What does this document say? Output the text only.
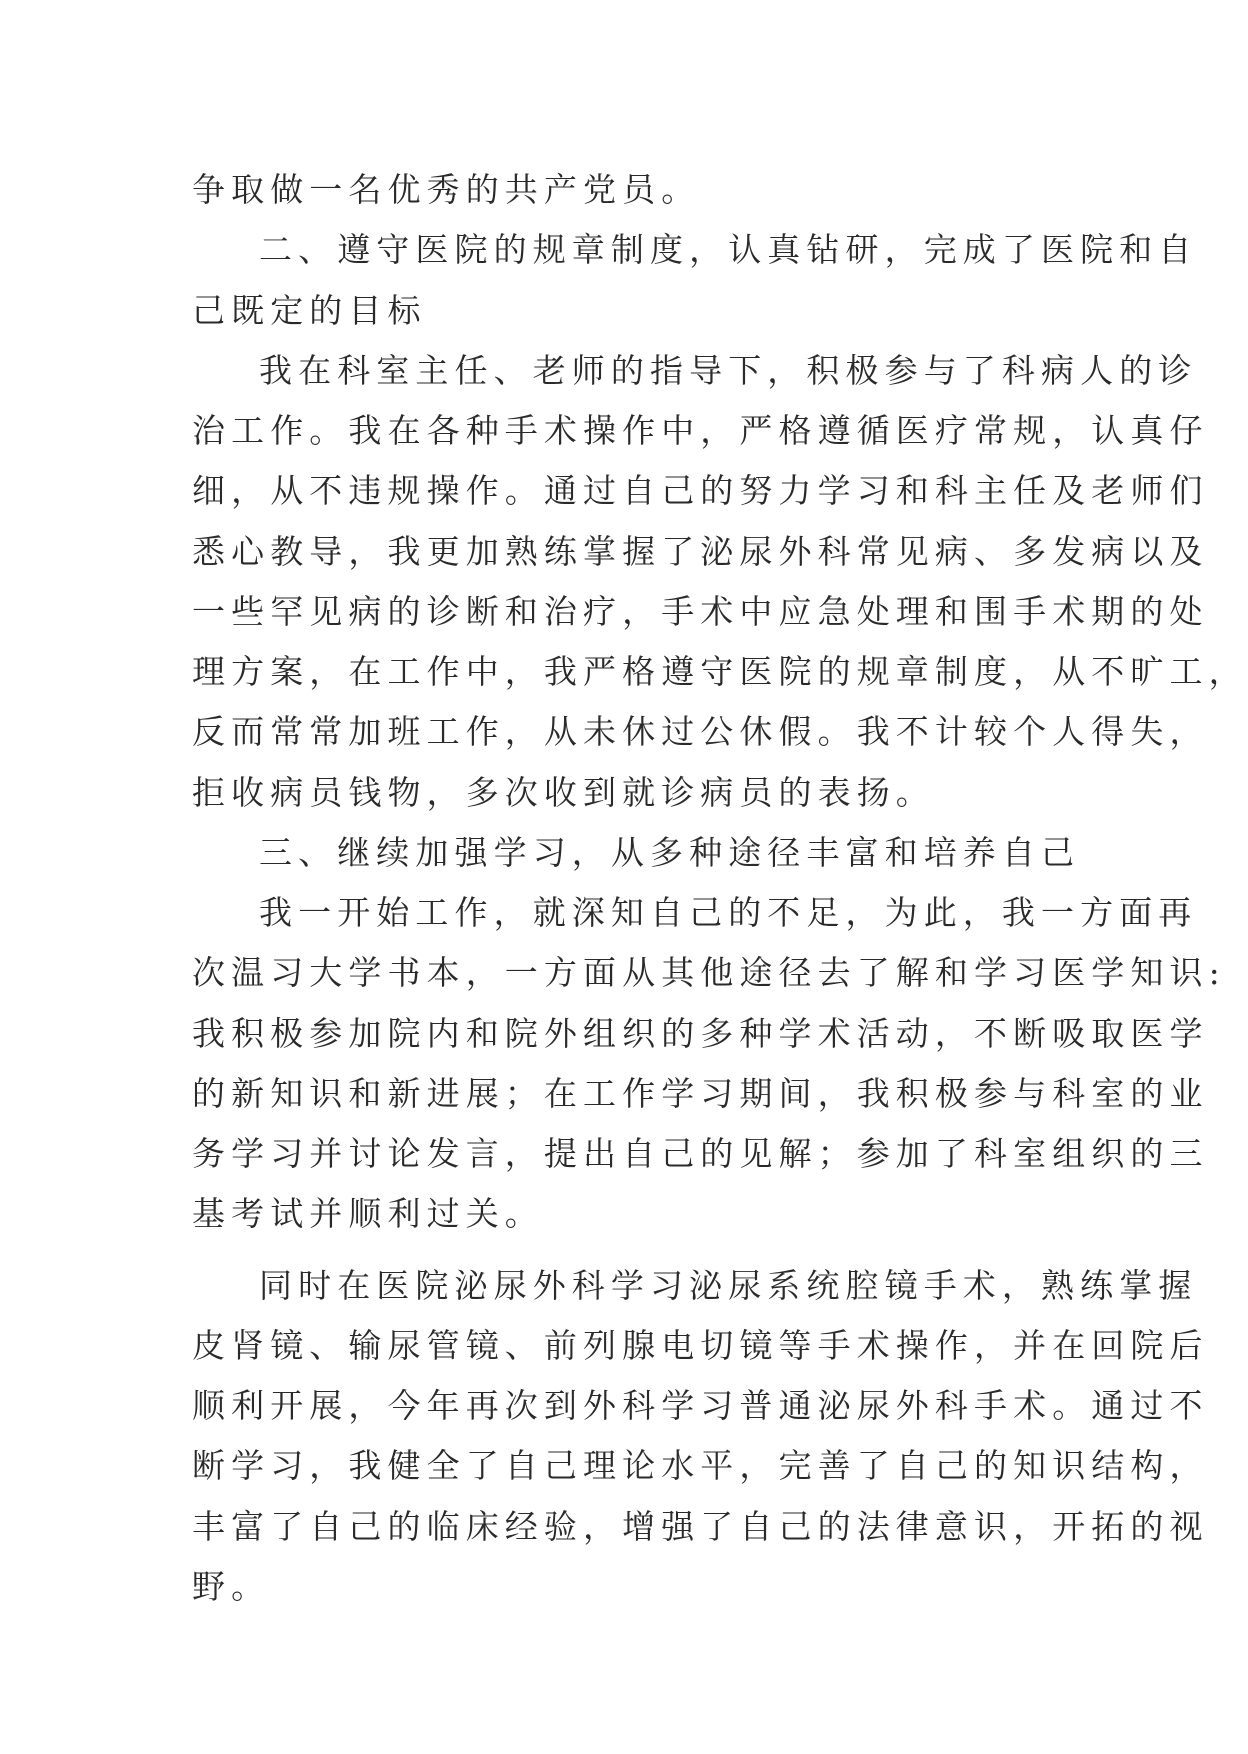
争取做一名优秀的共产党员。
二、遵守医院的规章制度，认真钻研，完成了医院和自
己既定的目标
我在科室主任、老师的指导下，积极参与了科病人的诊
治工作。我在各种手术操作中，严格遵循医疗常规，认真仔
细，从不违规操作。通过自己的努力学习和科主任及老师们
悉心教导，我更加熟练掌握了泌尿外科常见病、多发病以及
一些罕见病的诊断和治疗，手术中应急处理和围手术期的处
理方案，在工作中，我严格遵守医院的规章制度，从不旷工，
反而常常加班工作，从未休过公休假。我不计较个人得失，
拒收病员钱物，多次收到就诊病员的表扬。
三、继续加强学习，从多种途径丰富和培养自己
我一开始工作，就深知自己的不足，为此，我一方面再
次温习大学书本，一方面从其他途径去了解和学习医学知识:
我积极参加院内和院外组织的多种学术活动，不断吸取医学
的新知识和新进展；在工作学习期间，我积极参与科室的业
务学习并讨论发言，提出自己的见解；参加了科室组织的三
基考试并顺利过关。
同时在医院泌尿外科学习泌尿系统腔镜手术，熟练掌握
皮肾镜、输尿管镜、前列腺电切镜等手术操作，并在回院后
顺利开展，今年再次到外科学习普通泌尿外科手术。通过不
断学习，我健全了自己理论水平，完善了自己的知识结构，
丰富了自己的临床经验，增强了自己的法律意识，开拓的视
野。
